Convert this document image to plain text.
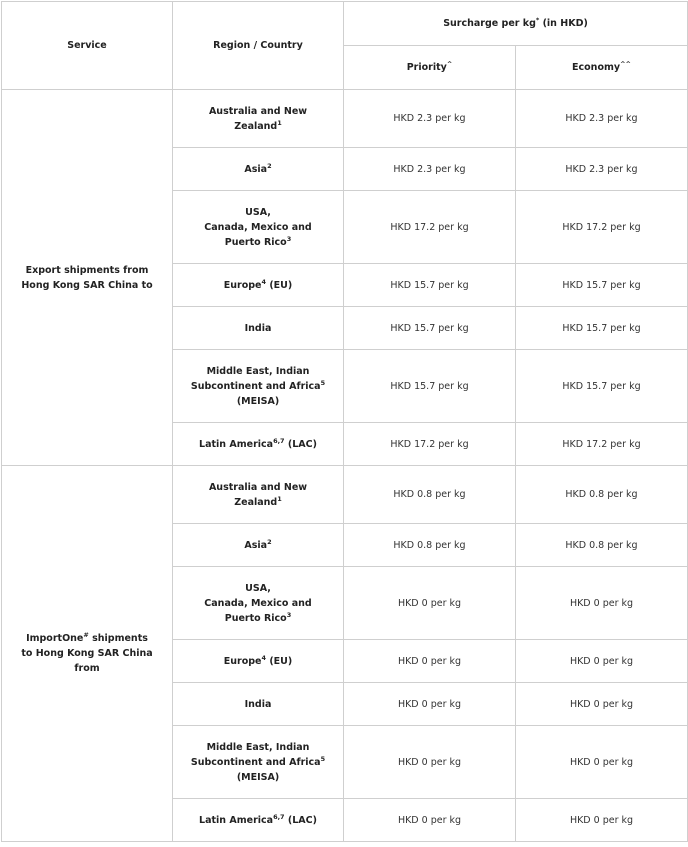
Service	Region / Country	Surcharge per kg* (in HKD)	
		Priority^	Economy^^
Export shipments from
Hong Kong SAR China to	Australia and New
Zealand$^1$	HKD 2.3 per kg	HKD 2.3 per kg
	Asia$^2$	HKD 2.3 per kg	HKD 2.3 per kg
	USA,
Canada, Mexico and
Puerto Rico$^3$	HKD 17.2 per kg	HKD 17.2 per kg
	Europe$^4$ (EU)	HKD 15.7 per kg	HKD 15.7 per kg
	India	HKD 15.7 per kg	HKD 15.7 per kg
	Middle East, Indian
Subcontinent and Africa$^5$
(MEISA)	HKD 15.7 per kg	HKD 15.7 per kg
	Latin America$^{6,7}$ (LAC)	HKD 17.2 per kg	HKD 17.2 per kg
ImportOne# shipments
to Hong Kong SAR China
from	Australia and New
Zealand$^1$	HKD 0.8 per kg	HKD 0.8 per kg
	Asia$^2$	HKD 0.8 per kg	HKD 0.8 per kg
	USA,
Canada, Mexico and
Puerto Rico$^3$	HKD 0 per kg	HKD 0 per kg
	Europe$^4$ (EU)	HKD 0 per kg	HKD 0 per kg
	India	HKD 0 per kg	HKD 0 per kg
	Middle East, Indian
Subcontinent and Africa$^5$
(MEISA)	HKD 0 per kg	HKD 0 per kg
	Latin America$^{6,7}$ (LAC)	HKD 0 per kg	HKD 0 per kg
